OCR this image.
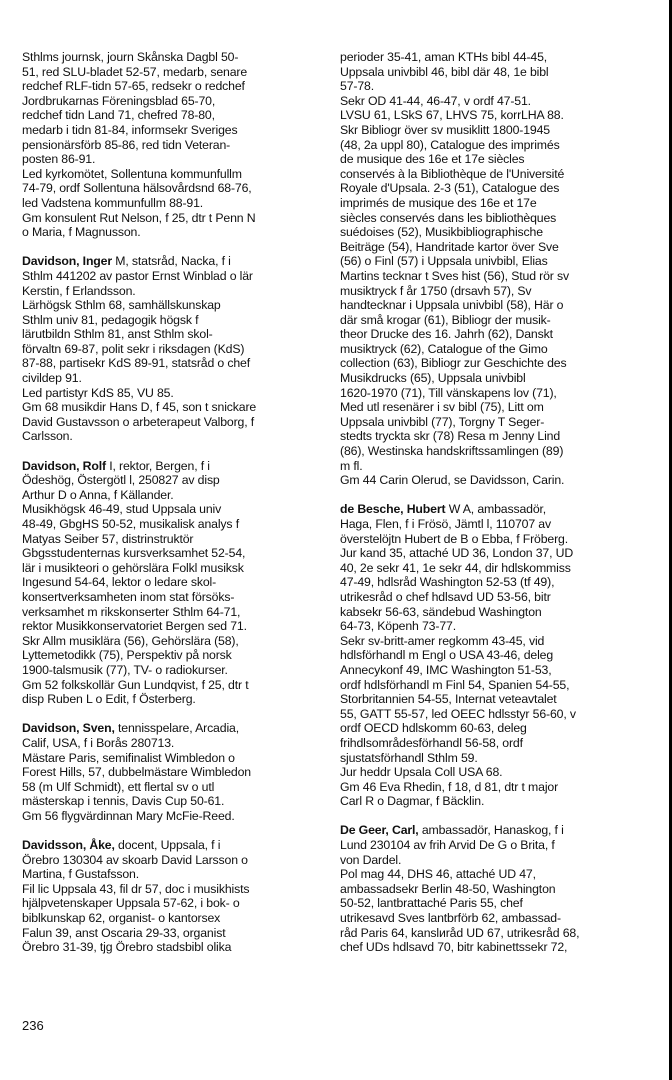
Sthlms journsk, journ Skånska Dagbl 50-
51, red SLU-bladet 52-57, medarb, senare
redchef RLF-tidn 57-65, redsekr o redchef
Jordbrukarnas Föreningsblad 65-70,
redchef tidn Land 71, chefred 78-80,
medarb i tidn 81-84, informsekr Sveriges
pensionärsförb 85-86, red tidn Veteran-
posten 86-91.
Led kyrkomötet, Sollentuna kommunfullm
74-79, ordf Sollentuna hälsovårdsnd 68-76,
led Vadstena kommunfullm 88-91.
Gm konsulent Rut Nelson, f 25, dtr t Penn N
o Maria, f Magnusson.
Davidson, Inger M, statsråd, Nacka, f i
Sthlm 441202 av pastor Ernst Winblad o lär
Kerstin, f Erlandsson.
Lärhögsk Sthlm 68, samhällskunskap
Sthlm univ 81, pedagogik högsk f
lärutbildn Sthlm 81, anst Sthlm skol-
förvaltn 69-87, polit sekr i riksdagen (KdS)
87-88, partisekr KdS 89-91, statsråd o chef
civildep 91.
Led partistyr KdS 85, VU 85.
Gm 68 musikdir Hans D, f 45, son t snickare
David Gustavsson o arbeterapeut Valborg, f
Carlsson.
Davidson, Rolf I, rektor, Bergen, f i
Ödeshög, Östergötl l, 250827 av disp
Arthur D o Anna, f Källander.
Musikhögsk 46-49, stud Uppsala univ
48-49, GbgHS 50-52, musikalisk analys f
Matyas Seiber 57, distrinstruktör
Gbgsstudenternas kursverksamhet 52-54,
lär i musikteori o gehörslära Folkl musiksk
Ingesund 54-64, lektor o ledare skol-
konsertverksamheten inom stat försöks-
verksamhet m rikskonserter Sthlm 64-71,
rektor Musikkonservatoriet Bergen sed 71.
Skr Allm musiklära (56), Gehörslära (58),
Lyttemetodikk (75), Perspektiv på norsk
1900-talsmusik (77), TV- o radiokurser.
Gm 52 folkskollär Gun Lundqvist, f 25, dtr t
disp Ruben L o Edit, f Österberg.
Davidson, Sven, tennisspelare, Arcadia,
Calif, USA, f i Borås 280713.
Mästare Paris, semifinalist Wimbledon o
Forest Hills, 57, dubbelmästare Wimbledon
58 (m Ulf Schmidt), ett flertal sv o utl
mästerskap i tennis, Davis Cup 50-61.
Gm 56 flygvärdinnan Mary McFie-Reed.
Davidsson, Åke, docent, Uppsala, f i
Örebro 130304 av skoarb David Larsson o
Martina, f Gustafsson.
Fil lic Uppsala 43, fil dr 57, doc i musikhists
hjälpvetenskaper Uppsala 57-62, i bok- o
biblkunskap 62, organist- o kantorsex
Falun 39, anst Oscaria 29-33, organist
Örebro 31-39, tjg Örebro stadsbibl olika
perioder 35-41, aman KTHs bibl 44-45,
Uppsala univbibl 46, bibl där 48, 1e bibl
57-78.
Sekr OD 41-44, 46-47, v ordf 47-51.
LVSU 61, LSkS 67, LHVS 75, korrLHA 88.
Skr Bibliogr över sv musiklitt 1800-1945
(48, 2a uppl 80), Catalogue des imprimés
de musique des 16e et 17e siècles
conservés à la Bibliothèque de l'Université
Royale d'Upsala. 2-3 (51), Catalogue des
imprimés de musique des 16e et 17e
siècles conservés dans les bibliothèques
suédoises (52), Musikbibliographische
Beiträge (54), Handritade kartor över Sve
(56) o Finl (57) i Uppsala univbibl, Elias
Martins tecknar t Sves hist (56), Stud rör sv
musiktryck f år 1750 (drsavh 57), Sv
handtecknar i Uppsala univbibl (58), Här o
där små krogar (61), Bibliogr der musik-
theor Drucke des 16. Jahrh (62), Danskt
musiktryck (62), Catalogue of the Gimo
collection (63), Bibliogr zur Geschichte des
Musikdrucks (65), Uppsala univbibl
1620-1970 (71), Till vänskapens lov (71),
Med utl resenärer i sv bibl (75), Litt om
Uppsala univbibl (77), Torgny T Seger-
stedts tryckta skr (78) Resa m Jenny Lind
(86), Westinska handskriftssamlingen (89)
m fl.
Gm 44 Carin Olerud, se Davidsson, Carin.
de Besche, Hubert W A, ambassadör,
Haga, Flen, f i Frösö, Jämtl l, 110707 av
överstelöjtn Hubert de B o Ebba, f Fröberg.
Jur kand 35, attaché UD 36, London 37, UD
40, 2e sekr 41, 1e sekr 44, dir hdlskommiss
47-49, hdlsråd Washington 52-53 (tf 49),
utrikesråd o chef hdlsavd UD 53-56, bitr
kabsekr 56-63, sändebud Washington
64-73, Köpenh 73-77.
Sekr sv-britt-amer regkomm 43-45, vid
hdlsförhandl m Engl o USA 43-46, deleg
Annecykonf 49, IMC Washington 51-53,
ordf hdlsförhandl m Finl 54, Spanien 54-55,
Storbritannien 54-55, Internat veteavtalet
55, GATT 55-57, led OEEC hdlsstyr 56-60, v
ordf OECD hdlskomm 60-63, deleg
frihdlsområdesförhandl 56-58, ordf
sjustatsförhandl Sthlm 59.
Jur heddr Upsala Coll USA 68.
Gm 46 Eva Rhedin, f 18, d 81, dtr t major
Carl R o Dagmar, f Bäcklin.
De Geer, Carl, ambassadör, Hanaskog, f i
Lund 230104 av frih Arvid De G o Brita, f
von Dardel.
Pol mag 44, DHS 46, attaché UD 47,
ambassadsekr Berlin 48-50, Washington
50-52, lantbrattaché Paris 55, chef
utrikesavd Sves lantbrförb 62, ambassad-
råd Paris 64, kanslиråd UD 67, utrikesråd 68,
chef UDs hdlsavd 70, bitr kabinettssekr 72,
236
